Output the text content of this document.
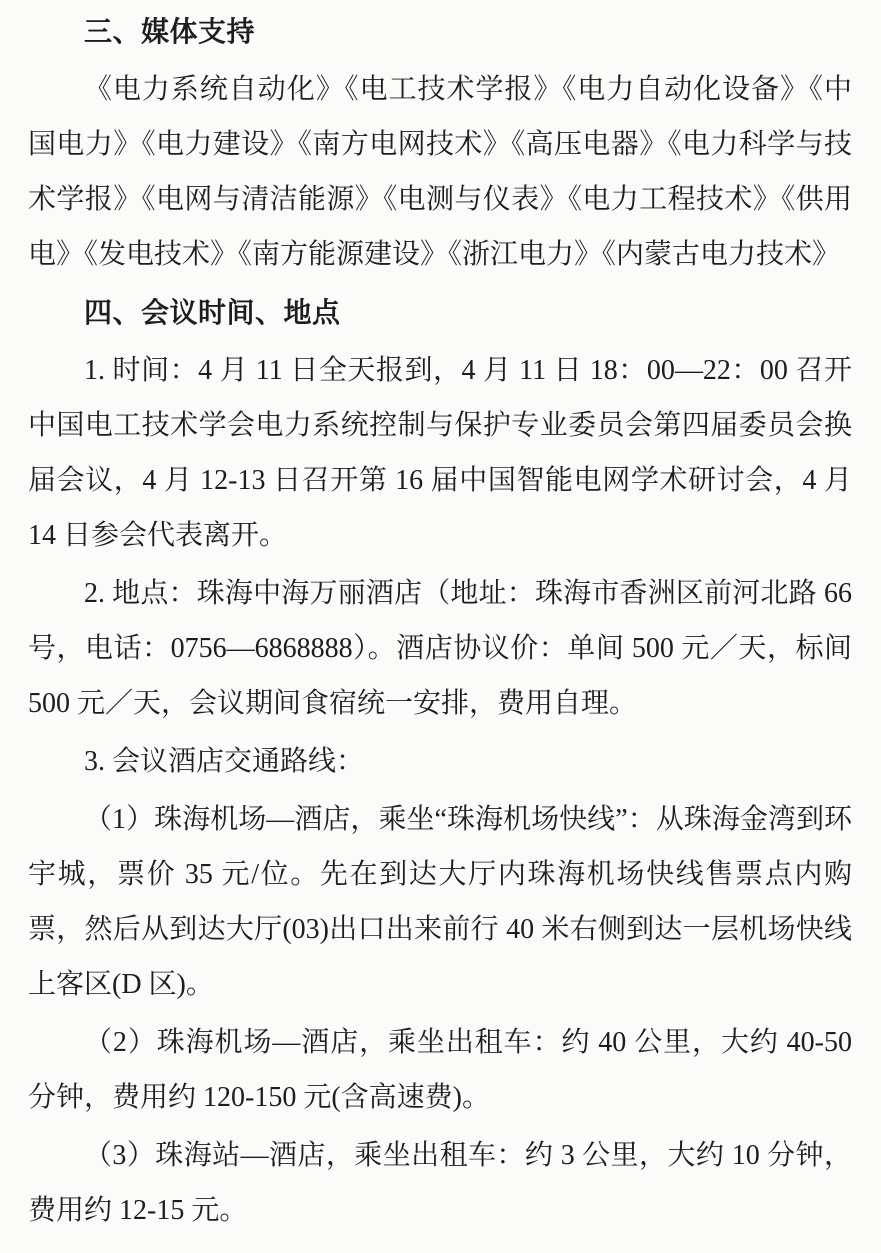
三、媒体支持

《电力系统自动化》《电工技术学报》《电力自动化设备》《中国电力》《电力建设》《南方电网技术》《高压电器》《电力科学与技术学报》《电网与清洁能源》《电测与仪表》《电力工程技术》《供用电》《发电技术》《南方能源建设》《浙江电力》《内蒙古电力技术》

四、会议时间、地点

1. 时间：4 月 11 日全天报到，4 月 11 日 18：00—22：00 召开中国电工技术学会电力系统控制与保护专业委员会第四届委员会换届会议，4 月 12-13 日召开第 16 届中国智能电网学术研讨会，4 月 14 日参会代表离开。

2. 地点：珠海中海万丽酒店（地址：珠海市香洲区前河北路 66 号，电话：0756—6868888）。酒店协议价：单间 500 元／天，标间 500 元／天，会议期间食宿统一安排，费用自理。

3. 会议酒店交通路线：

（1）珠海机场—酒店，乘坐“珠海机场快线”：从珠海金湾到环宇城，票价 35 元/位。先在到达大厅内珠海机场快线售票点内购票，然后从到达大厅(03)出口出来前行 40 米右侧到达一层机场快线上客区(D 区)。

（2）珠海机场—酒店，乘坐出租车：约 40 公里，大约 40-50 分钟，费用约 120-150 元(含高速费)。

（3）珠海站—酒店，乘坐出租车：约 3 公里，大约 10 分钟，费用约 12-15 元。
